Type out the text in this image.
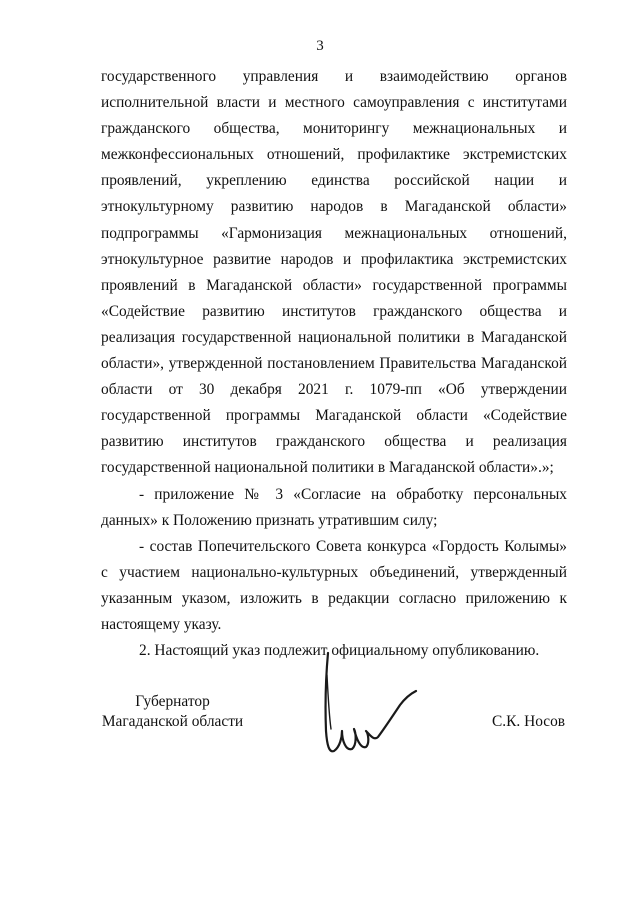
3

государственного управления и взаимодействию органов исполнительной власти и местного самоуправления с институтами гражданского общества, мониторингу межнациональных и межконфессиональных отношений, профилактике экстремистских проявлений, укреплению единства российской нации и этнокультурному развитию народов в Магаданской области» подпрограммы «Гармонизация межнациональных отношений, этнокультурное развитие народов и профилактика экстремистских проявлений в Магаданской области» государственной программы «Содействие развитию институтов гражданского общества и реализация государственной национальной политики в Магаданской области», утвержденной постановлением Правительства Магаданской области от 30 декабря 2021 г. 1079-пп «Об утверждении государственной программы Магаданской области «Содействие развитию институтов гражданского общества и реализация государственной национальной политики в Магаданской области».»;

- приложение № 3 «Согласие на обработку персональных данных» к Положению признать утратившим силу;

- состав Попечительского Совета конкурса «Гордость Колымы» с участием национально-культурных объединений, утвержденный указанным указом, изложить в редакции согласно приложению к настоящему указу.

2. Настоящий указ подлежит официальному опубликованию.

Губернатор
Магаданской области	С.К. Носов
